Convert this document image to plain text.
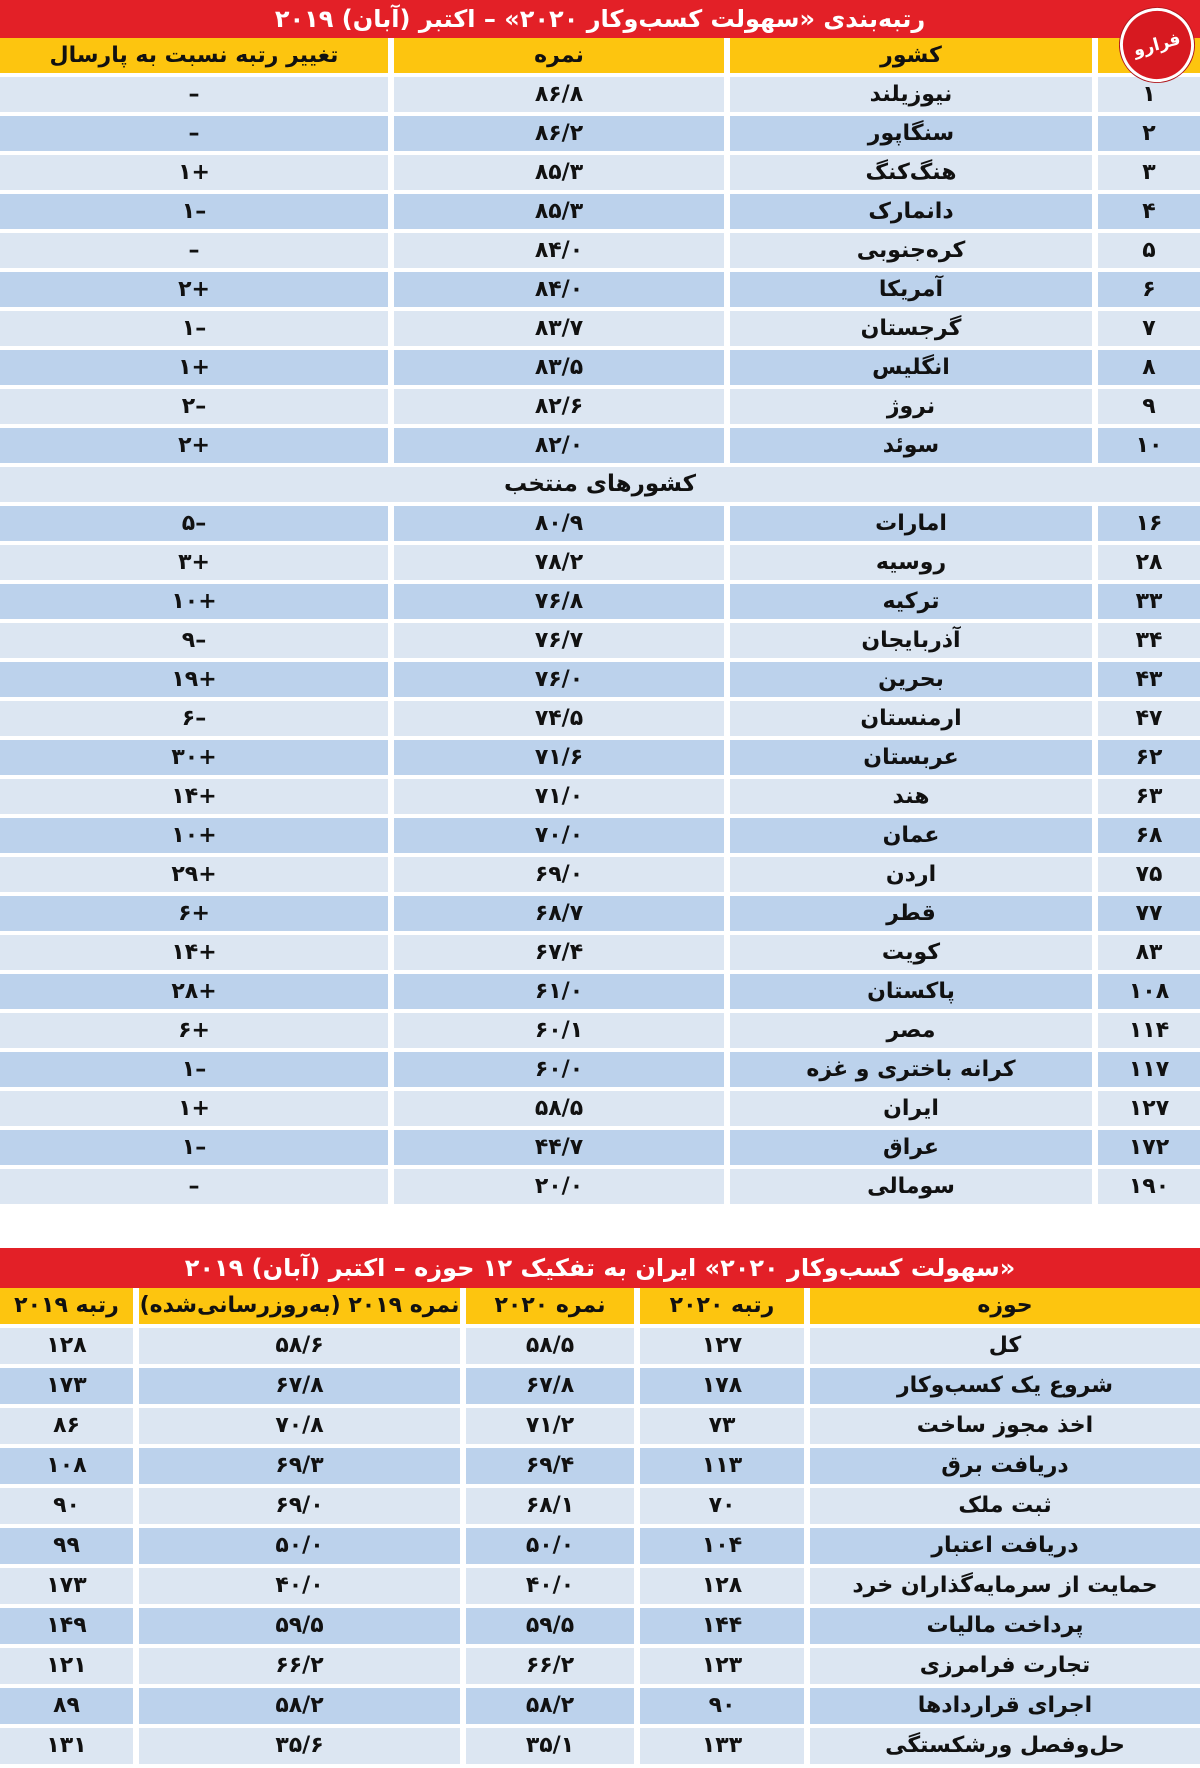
فرارو
رتبه‌بندی «سهولت کسب‌وکار ۲۰۲۰» – اکتبر (آبان) ۲۰۱۹
	کشور	نمره	تغییر رتبه نسبت به پارسال
۱	نیوزیلند	۸۶/۸	–
۲	سنگاپور	۸۶/۲	–
۳	هنگ‌کنگ	۸۵/۳	+۱
۴	دانمارک	۸۵/۳	–۱
۵	کره‌جنوبی	۸۴/۰	–
۶	آمریکا	۸۴/۰	+۲
۷	گرجستان	۸۳/۷	–۱
۸	انگلیس	۸۳/۵	+۱
۹	نروژ	۸۲/۶	–۲
۱۰	سوئد	۸۲/۰	+۲
کشورهای منتخب			
۱۶	امارات	۸۰/۹	–۵
۲۸	روسیه	۷۸/۲	+۳
۳۳	ترکیه	۷۶/۸	+۱۰
۳۴	آذربایجان	۷۶/۷	–۹
۴۳	بحرین	۷۶/۰	+۱۹
۴۷	ارمنستان	۷۴/۵	–۶
۶۲	عربستان	۷۱/۶	+۳۰
۶۳	هند	۷۱/۰	+۱۴
۶۸	عمان	۷۰/۰	+۱۰
۷۵	اردن	۶۹/۰	+۲۹
۷۷	قطر	۶۸/۷	+۶
۸۳	کویت	۶۷/۴	+۱۴
۱۰۸	پاکستان	۶۱/۰	+۲۸
۱۱۴	مصر	۶۰/۱	+۶
۱۱۷	کرانه باختری و غزه	۶۰/۰	–۱
۱۲۷	ایران	۵۸/۵	+۱
۱۷۲	عراق	۴۴/۷	–۱
۱۹۰	سومالی	۲۰/۰	–
«سهولت کسب‌وکار ۲۰۲۰» ایران به تفکیک ۱۲ حوزه – اکتبر (آبان) ۲۰۱۹
حوزه	رتبه ۲۰۲۰	نمره ۲۰۲۰	نمره ۲۰۱۹ (به‌روزرسانی‌شده)	رتبه ۲۰۱۹
کل	۱۲۷	۵۸/۵	۵۸/۶	۱۲۸
شروع یک کسب‌وکار	۱۷۸	۶۷/۸	۶۷/۸	۱۷۳
اخذ مجوز ساخت	۷۳	۷۱/۲	۷۰/۸	۸۶
دریافت برق	۱۱۳	۶۹/۴	۶۹/۳	۱۰۸
ثبت ملک	۷۰	۶۸/۱	۶۹/۰	۹۰
دریافت اعتبار	۱۰۴	۵۰/۰	۵۰/۰	۹۹
حمایت از سرمایه‌گذاران خرد	۱۲۸	۴۰/۰	۴۰/۰	۱۷۳
پرداخت مالیات	۱۴۴	۵۹/۵	۵۹/۵	۱۴۹
تجارت فرامرزی	۱۲۳	۶۶/۲	۶۶/۲	۱۲۱
اجرای قراردادها	۹۰	۵۸/۲	۵۸/۲	۸۹
حل‌وفصل ورشکستگی	۱۳۳	۳۵/۱	۳۵/۶	۱۳۱
